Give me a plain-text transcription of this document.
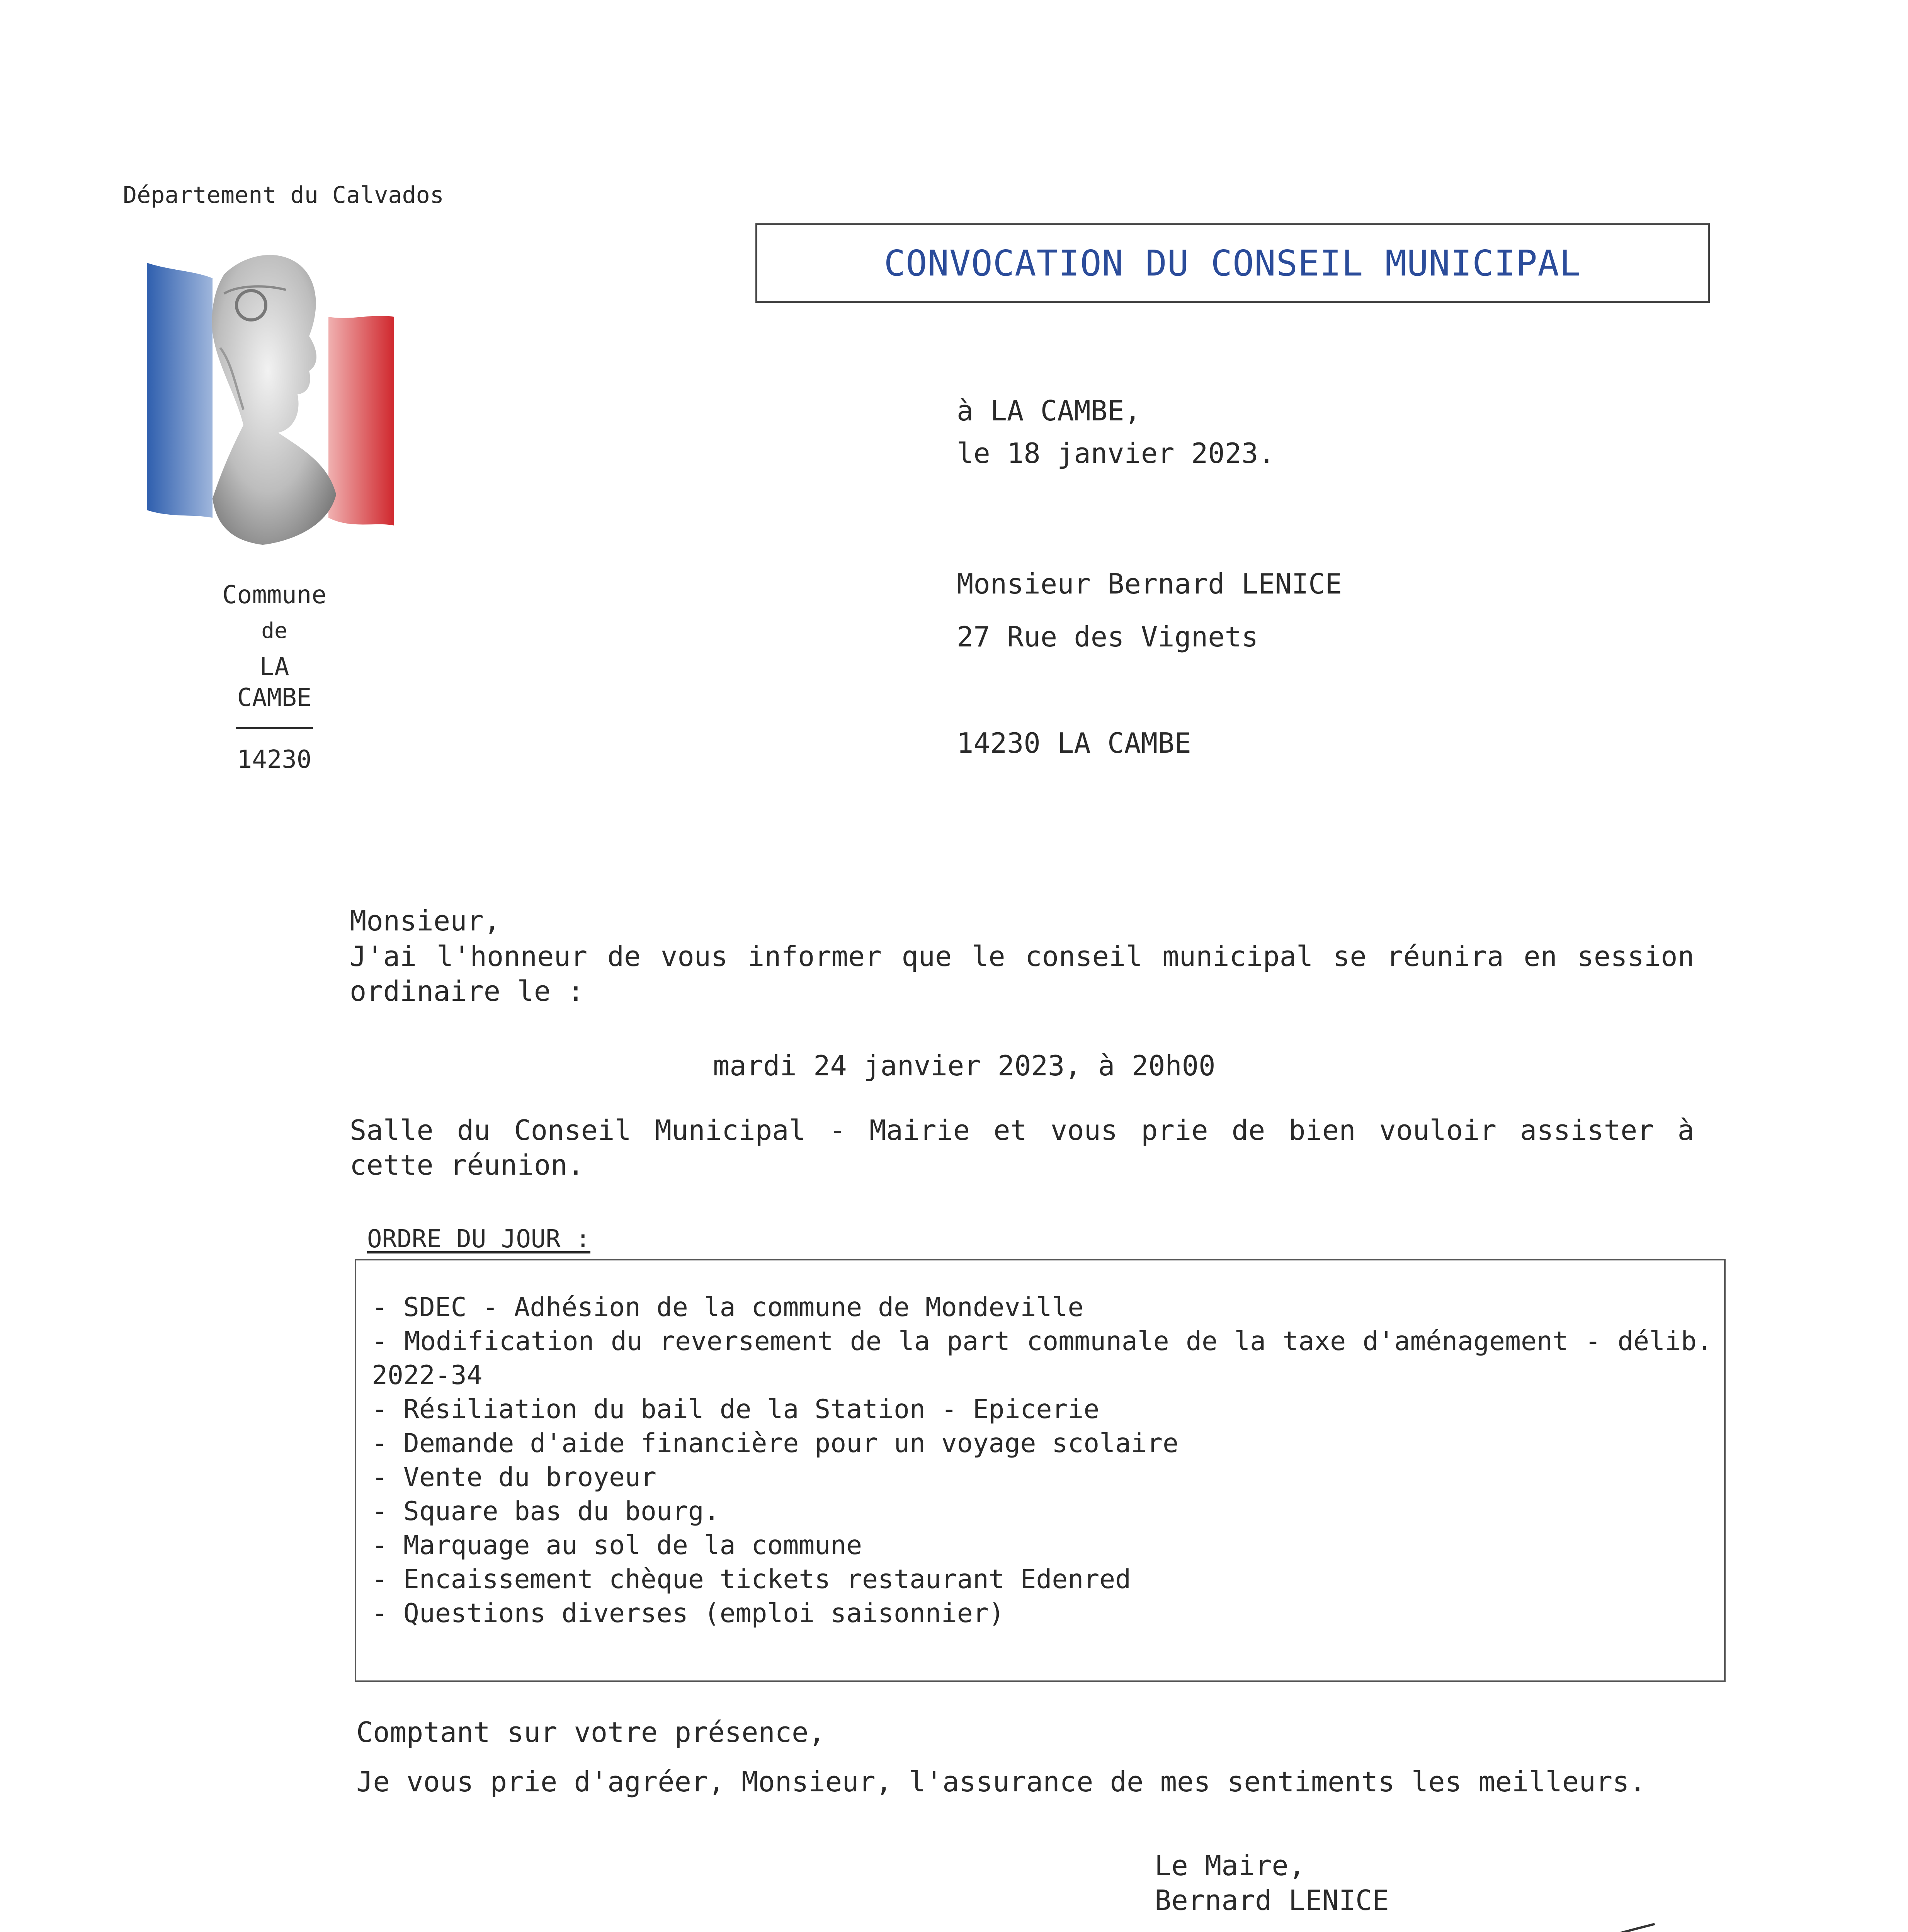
Département du Calvados
Commune
de
LA CAMBE
14230
CONVOCATION DU CONSEIL MUNICIPAL
à LA CAMBE,
le 18 janvier 2023.
Monsieur Bernard LENICE
27 Rue des Vignets
14230 LA CAMBE
Monsieur,
J'ai l'honneur de vous informer que le conseil municipal se réunira en session ordinaire le :
mardi 24 janvier 2023, à 20h00
Salle du Conseil Municipal - Mairie et vous prie de bien vouloir assister à cette réunion.
ORDRE DU JOUR :
- SDEC - Adhésion de la commune de Mondeville
- Modification du reversement de la part communale de la taxe d'aménagement - délib. 2022-34
- Résiliation du bail de la Station - Epicerie
- Demande d'aide financière pour un voyage scolaire
- Vente du broyeur
- Square bas du bourg.
- Marquage au sol de la commune
- Encaissement chèque tickets restaurant Edenred
- Questions diverses (emploi saisonnier)
Comptant sur votre présence,
Je vous prie d'agréer, Monsieur, l'assurance de mes sentiments les meilleurs.
Le Maire,
Bernard LENICE
